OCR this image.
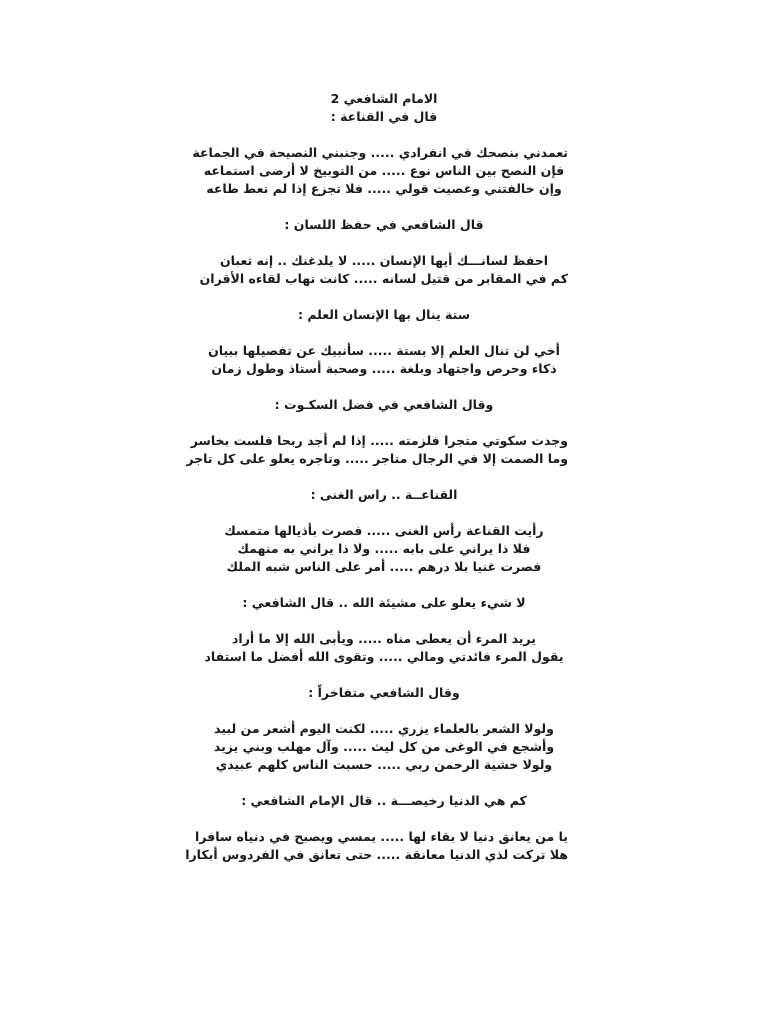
الامام الشافعي 2
قال في القناعة :
تعمدني بنصحك في انفرادي ..... وجنبني النصيحة في الجماعة
فإن النصح بين الناس نوع ..... من التوبيخ لا أرضى استماعه
وإن خالفتني وعصيت قولي ..... فلا تجزع إذا لم تعط طاعه
قال الشافعي في حفظ اللسان :
احفظ لسانـــك أيها الإنسان ..... لا يلدغنك .. إنه ثعبان
كم في المقابر من قتيل لسانه ..... كانت تهاب لقاءه الأقران
ستة ينال بها الإنسان العلم :
أخي لن تنال العلم إلا بستة ..... سأنبيك عن تفصيلها ببيان
ذكاء وحرص واجتهاد وبلغة ..... وصحبة أستاذ وطول زمان
وقال الشافعي في فضل السكـوت :
وجدت سكوتي متجرا فلزمته ..... إذا لم أجد ربحا فلست بخاسر
وما الصمت إلا في الرجال متاجر ..... وتاجره يعلو على كل تاجر
القناعــة .. راس الغنى :
رأيت القناعة رأس الغنى ..... فصرت بأذيالها متمسك
فلا ذا يراني على بابه ..... ولا ذا يراني به منهمك
فصرت غنيا بلا درهم ..... أمر على الناس شبه الملك
لا شيء يعلو على مشيئة الله .. قال الشافعي :
يريد المرء أن يعطى مناه ..... ويأبى الله إلا ما أراد
يقول المرء فائدتي ومالي ..... وتقوى الله أفضل ما استفاد
وقال الشافعي متفاخراً :
ولولا الشعر بالعلماء يزري ..... لكنت اليوم أشعر من لبيد
وأشجع في الوغى من كل ليث ..... وآل مهلب وبني يزيد
ولولا خشية الرحمن ربي ..... حسبت الناس كلهم عبيدي
كم هي الدنيا رخيصـــة .. قال الإمام الشافعي :
يا من يعانق دنيا لا بقاء لها ..... يمسي ويصبح في دنياه سافرا
هلا تركت لذي الدنيا معانقة ..... حتى تعانق في الفردوس أبكارا
